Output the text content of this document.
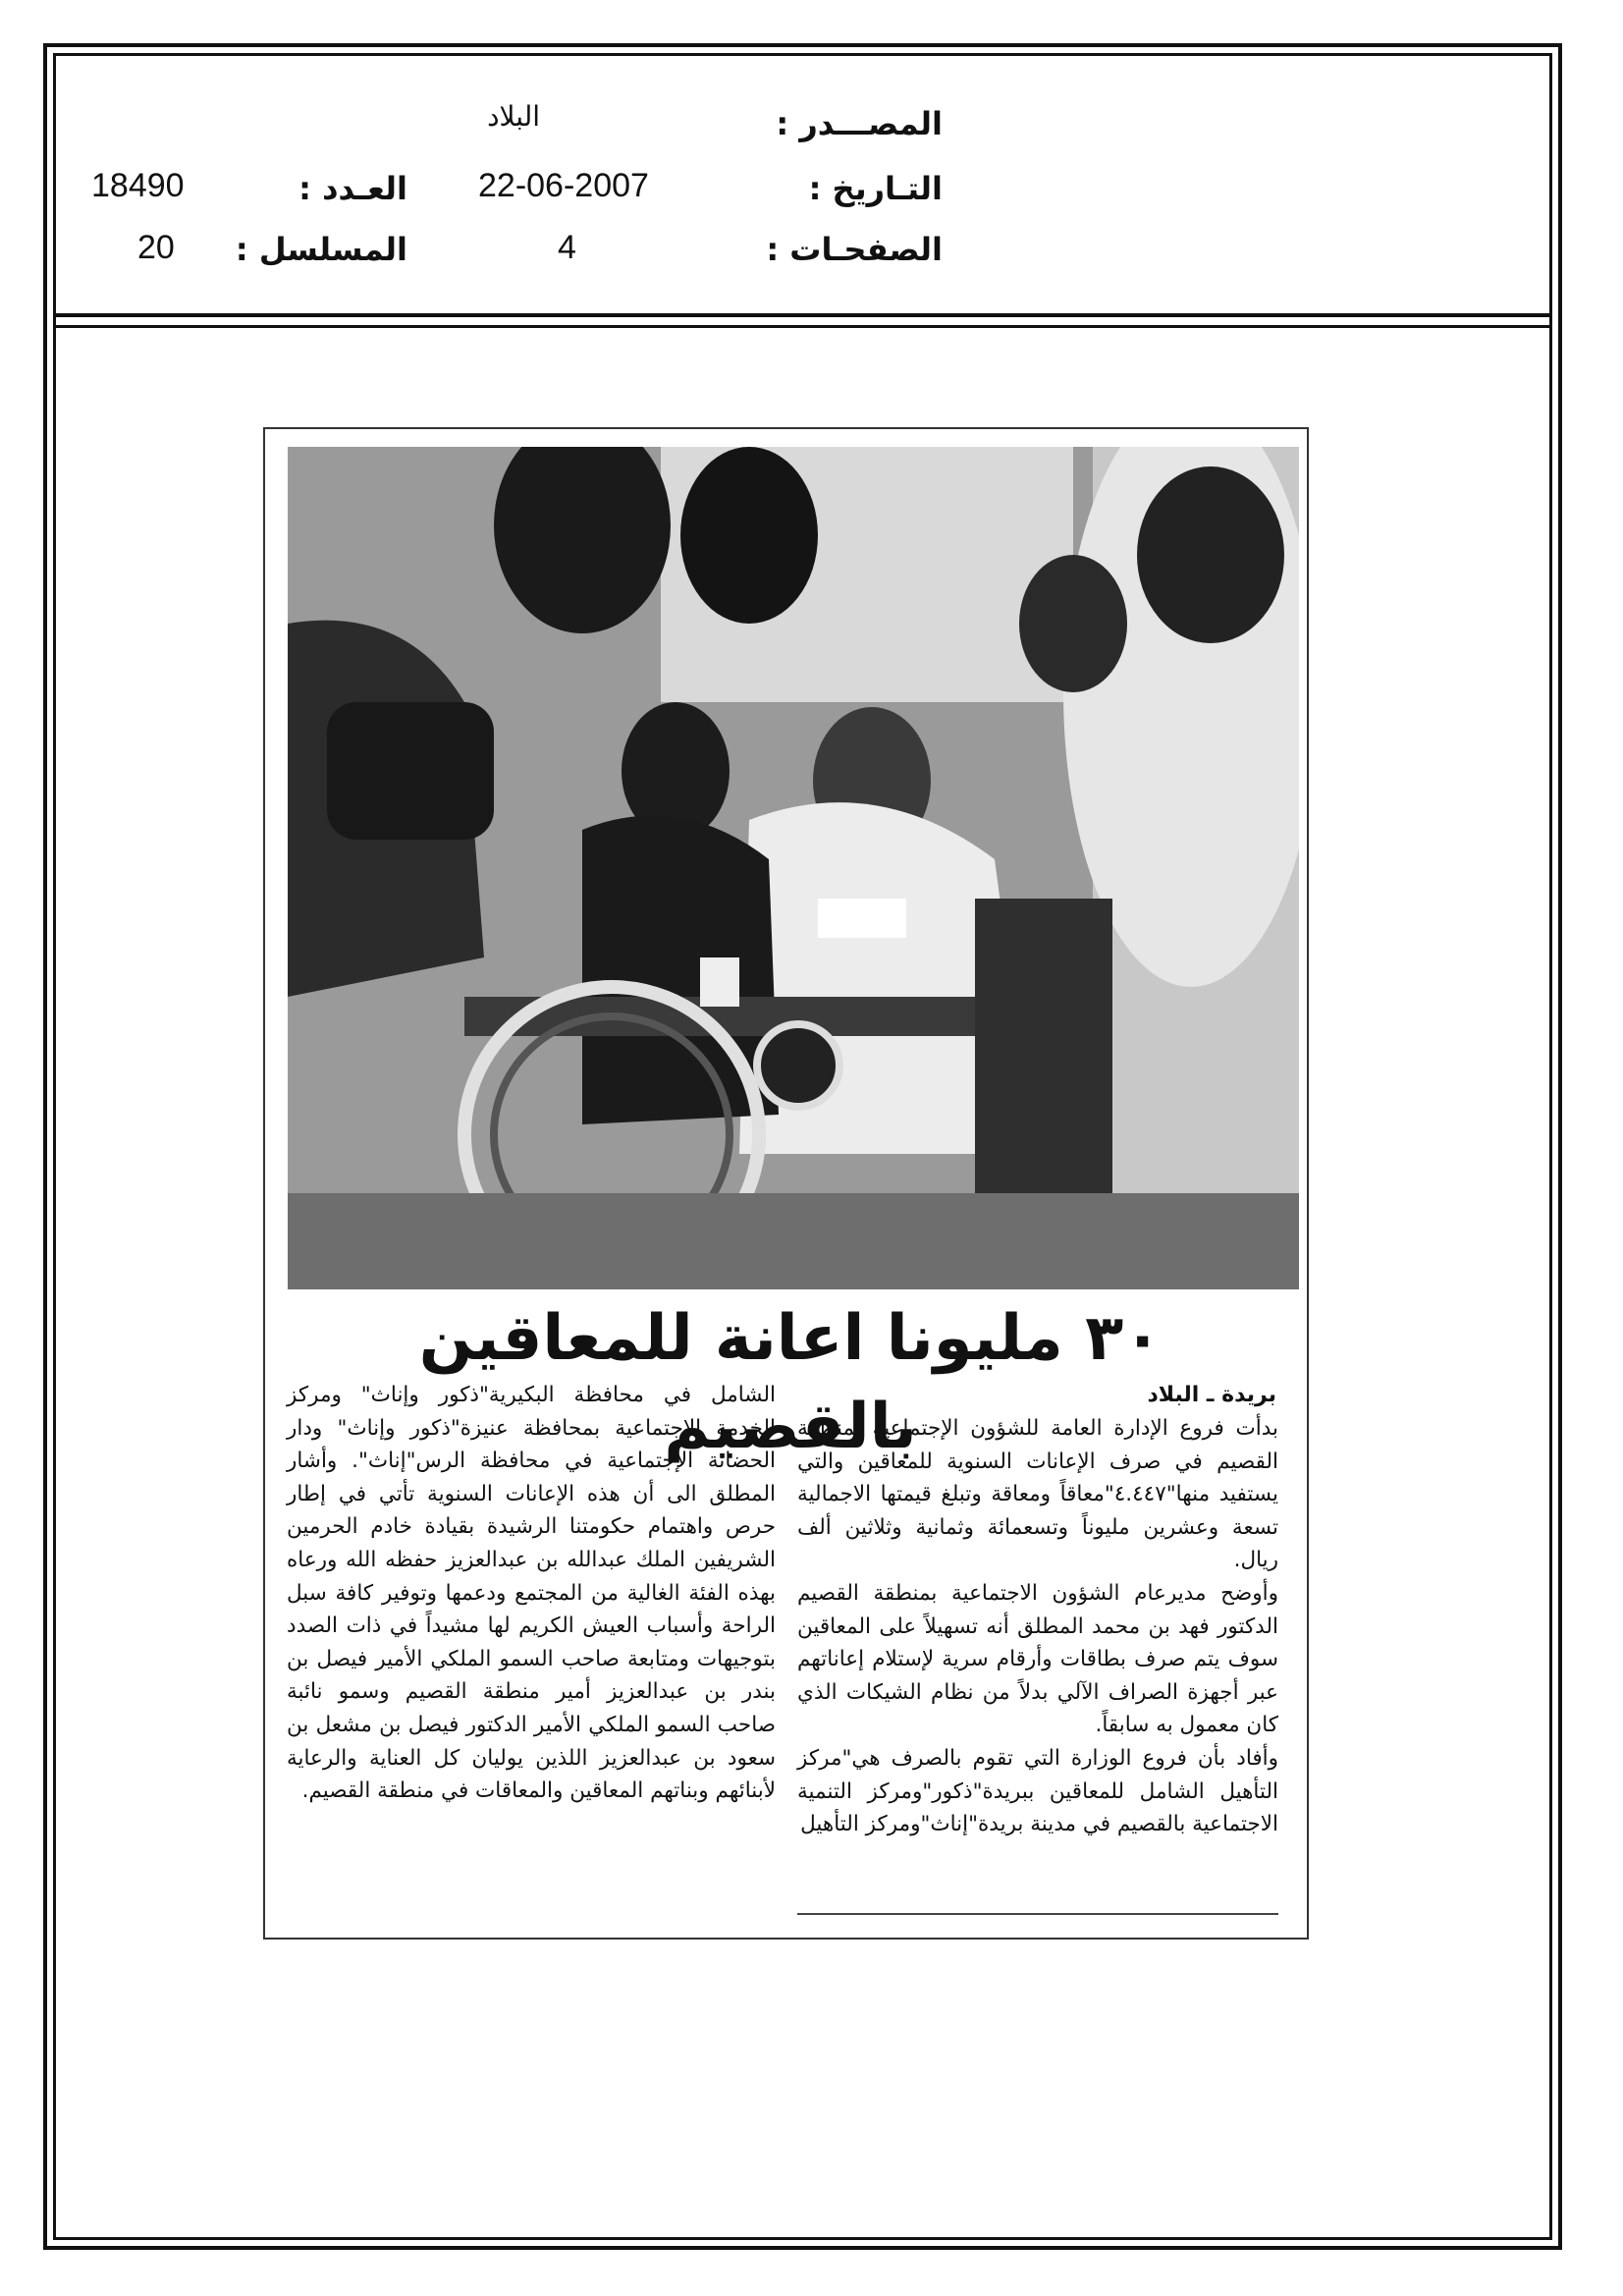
المصـــدر :
البلاد
التـاريخ :
22-06-2007
العـدد :
18490
الصفحـات :
4
المسلسل :
20
٣٠ مليونا اعانة للمعاقين بالقصيم	بريدة ـ البلاد

بدأت فروع الإدارة العامة للشؤون الإجتماعية بمنطقة القصيم في صرف الإعانات السنوية للمعاقين والتي يستفيد منها"٤.٤٤٧"معاقاً ومعاقة وتبلغ قيمتها الاجمالية تسعة وعشرين مليوناً وتسعمائة وثمانية وثلاثين ألف ريال.

وأوضح مديرعام الشؤون الاجتماعية بمنطقة القصيم الدكتور فهد بن محمد المطلق أنه تسهيلاً على المعاقين سوف يتم صرف بطاقات وأرقام سرية لإستلام إعاناتهم عبر أجهزة الصراف الآلي بدلاً من نظام الشيكات الذي كان معمول به سابقاً.

وأفاد بأن فروع الوزارة التي تقوم بالصرف هي"مركز التأهيل الشامل للمعاقين ببريدة"ذكور"ومركز التنمية الاجتماعية بالقصيم في مدينة بريدة"إناث"ومركز التأهيل

الشامل في محافظة البكيرية"ذكور وإناث" ومركز الخدمة الاجتماعية بمحافظة عنيزة"ذكور وإناث" ودار الحضانة الإجتماعية في محافظة الرس"إناث". وأشار المطلق الى أن هذه الإعانات السنوية تأتي في إطار حرص واهتمام حكومتنا الرشيدة بقيادة خادم الحرمين الشريفين الملك عبدالله بن عبدالعزيز حفظه الله ورعاه بهذه الفئة الغالية من المجتمع ودعمها وتوفير كافة سبل الراحة وأسباب العيش الكريم لها مشيداً في ذات الصدد بتوجيهات ومتابعة صاحب السمو الملكي الأمير فيصل بن بندر بن عبدالعزيز أمير منطقة القصيم وسمو نائبة صاحب السمو الملكي الأمير الدكتور فيصل بن مشعل بن سعود بن عبدالعزيز اللذين يوليان كل العناية والرعاية لأبنائهم وبناتهم المعاقين والمعاقات في منطقة القصيم.
